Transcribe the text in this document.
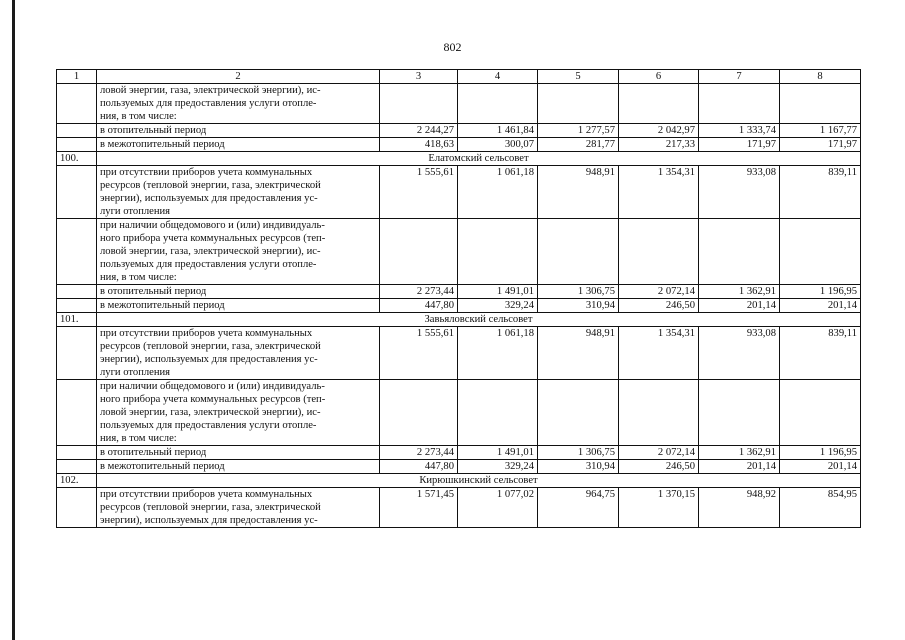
802
1	2	3	4	5	6	7	8
	ловой энергии, газа, электрической энергии), ис-
пользуемых для предоставления услуги отопле-
ния, в том числе:						
	в отопительный период	2 244,27	1 461,84	1 277,57	2 042,97	1 333,74	1 167,77
	в межотопительный период	418,63	300,07	281,77	217,33	171,97	171,97
100.	Елатомский сельсовет						
	при отсутствии приборов учета коммунальных
ресурсов (тепловой энергии, газа, электрической
энергии), используемых для предоставления ус-
луги отопления	1 555,61	1 061,18	948,91	1 354,31	933,08	839,11
	при наличии общедомового и (или) индивидуаль-
ного прибора учета коммунальных ресурсов (теп-
ловой энергии, газа, электрической энергии), ис-
пользуемых для предоставления услуги отопле-
ния, в том числе:						
	в отопительный период	2 273,44	1 491,01	1 306,75	2 072,14	1 362,91	1 196,95
	в межотопительный период	447,80	329,24	310,94	246,50	201,14	201,14
101.	Завьяловский сельсовет						
	при отсутствии приборов учета коммунальных
ресурсов (тепловой энергии, газа, электрической
энергии), используемых для предоставления ус-
луги отопления	1 555,61	1 061,18	948,91	1 354,31	933,08	839,11
	при наличии общедомового и (или) индивидуаль-
ного прибора учета коммунальных ресурсов (теп-
ловой энергии, газа, электрической энергии), ис-
пользуемых для предоставления услуги отопле-
ния, в том числе:						
	в отопительный период	2 273,44	1 491,01	1 306,75	2 072,14	1 362,91	1 196,95
	в межотопительный период	447,80	329,24	310,94	246,50	201,14	201,14
102.	Кирюшкинский сельсовет						
	при отсутствии приборов учета коммунальных
ресурсов (тепловой энергии, газа, электрической
энергии), используемых для предоставления ус-	1 571,45	1 077,02	964,75	1 370,15	948,92	854,95
